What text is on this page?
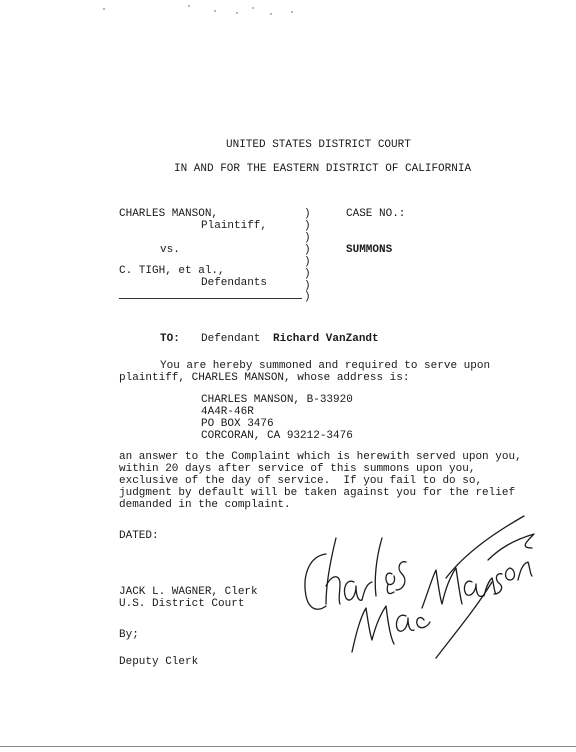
UNITED STATES DISTRICT COURT
IN AND FOR THE EASTERN DISTRICT OF CALIFORNIA
CHARLES MANSON,
Plaintiff,
vs.
C. TIGH, et al.,
Defendants
)
)
)
)
)
)
)
)
CASE NO.:
SUMMONS
TO: Defendant Richard VanZandt
You are hereby summoned and required to serve upon
plaintiff, CHARLES MANSON, whose address is:
CHARLES MANSON, B-33920
4A4R-46R
PO BOX 3476
CORCORAN, CA 93212-3476
an answer to the Complaint which is herewith served upon you,
within 20 days after service of this summons upon you,
exclusive of the day of service.  If you fail to do so,
judgment by default will be taken against you for the relief
demanded in the complaint.
DATED:
JACK L. WAGNER, Clerk
U.S. District Court
By;
Deputy Clerk
